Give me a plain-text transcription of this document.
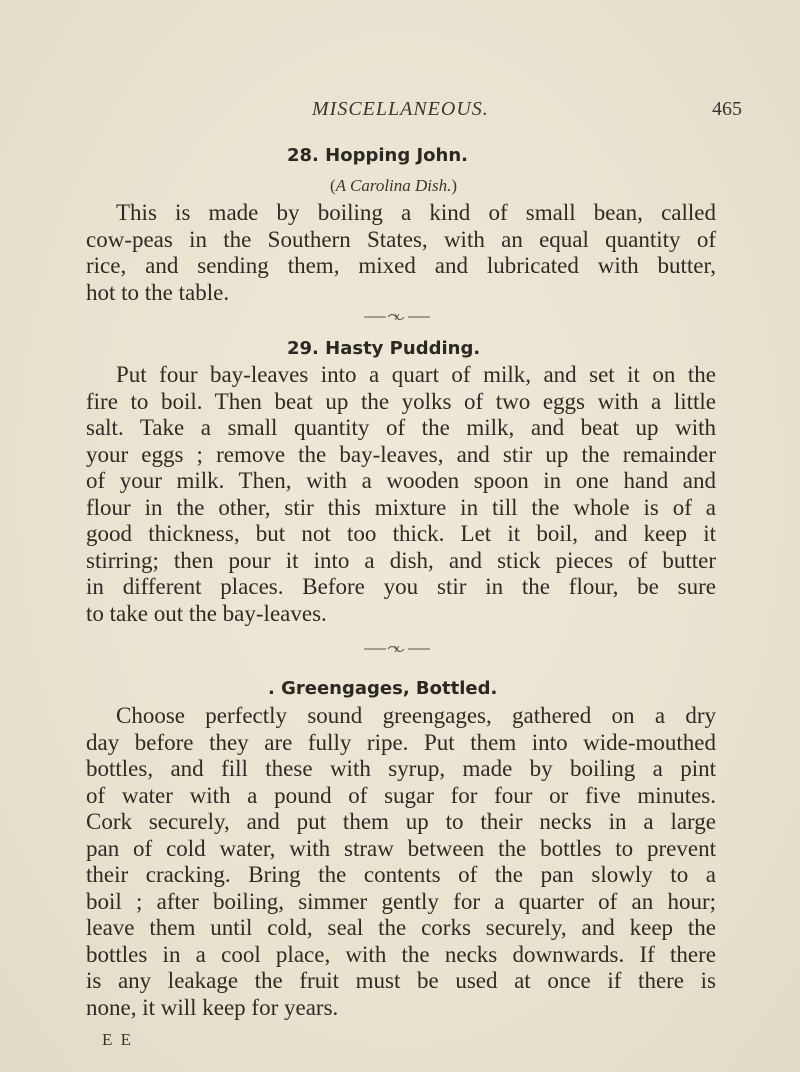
MISCELLANEOUS.	465
28. Hopping John.
(A Carolina Dish.)
This is made by boiling a kind of small bean, called
cow-peas in the Southern States, with an equal quantity of
rice, and sending them, mixed and lubricated with butter,
hot to the table.
29. Hasty Pudding.
Put four bay-leaves into a quart of milk, and set it on the
fire to boil. Then beat up the yolks of two eggs with a little
salt. Take a small quantity of the milk, and beat up with
your eggs ; remove the bay-leaves, and stir up the remainder
of your milk. Then, with a wooden spoon in one hand and
flour in the other, stir this mixture in till the whole is of a
good thickness, but not too thick. Let it boil, and keep it
stirring; then pour it into a dish, and stick pieces of butter
in different places. Before you stir in the flour, be sure
to take out the bay-leaves.
. Greengages, Bottled.
Choose perfectly sound greengages, gathered on a dry
day before they are fully ripe. Put them into wide-mouthed
bottles, and fill these with syrup, made by boiling a pint
of water with a pound of sugar for four or five minutes.
Cork securely, and put them up to their necks in a large
pan of cold water, with straw between the bottles to prevent
their cracking. Bring the contents of the pan slowly to a
boil ; after boiling, simmer gently for a quarter of an hour;
leave them until cold, seal the corks securely, and keep the
bottles in a cool place, with the necks downwards. If there
is any leakage the fruit must be used at once if there is
none, it will keep for years.
E E
